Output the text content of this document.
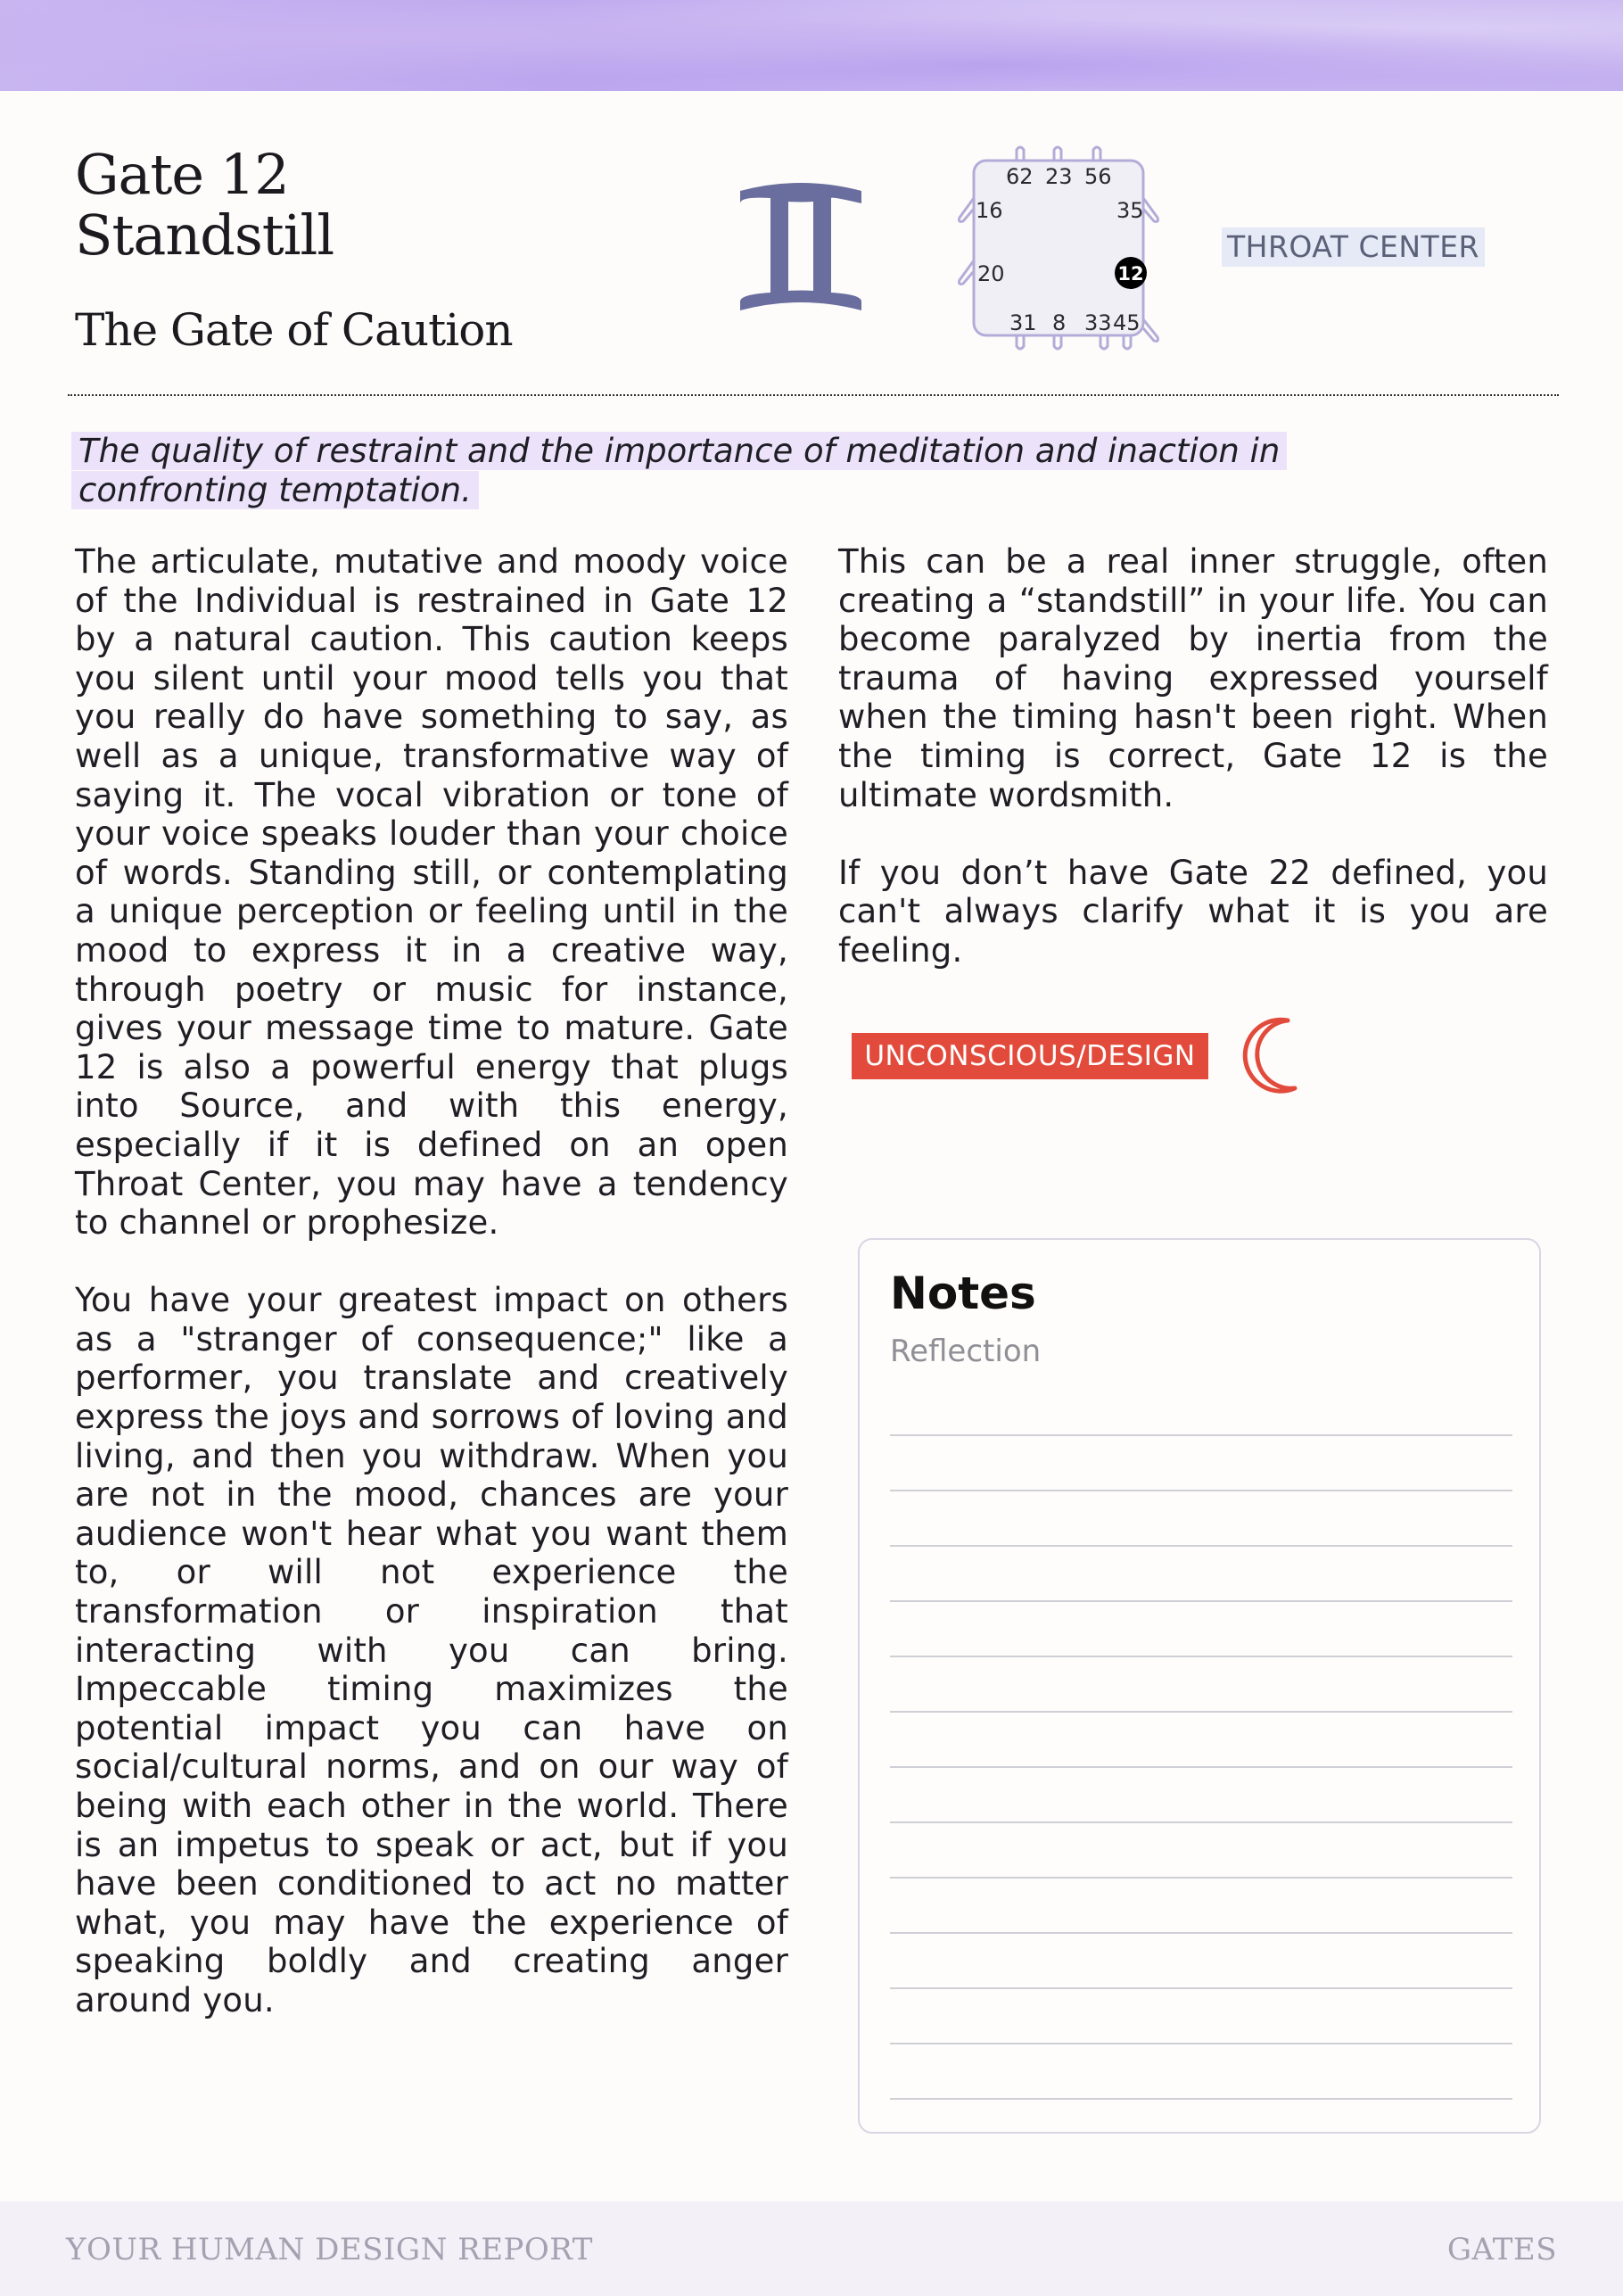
Gate 12
Standstill
The Gate of Caution
62 23 56
16	35
20
31 8 33 45
12
THROAT CENTER

The quality of restraint and the importance of meditation and inaction in confronting temptation.

The articulate, mutative and moody voice of the Individual is restrained in Gate 12 by a natural caution. This caution keeps you silent until your mood tells you that you really do have something to say, as well as a unique, transformative way of saying it. The vocal vibration or tone of your voice speaks louder than your choice of words. Standing still, or contemplating a unique perception or feeling until in the mood to express it in a creative way, through poetry or music for instance, gives your message time to mature. Gate 12 is also a powerful energy that plugs into Source, and with this energy, especially if it is defined on an open Throat Center, you may have a tendency to channel or prophesize.

You have your greatest impact on others as a "stranger of consequence;" like a performer, you translate and creatively express the joys and sorrows of loving and living, and then you withdraw. When you are not in the mood, chances are your audience won't hear what you want them to, or will not experience the transformation or inspiration that interacting with you can bring. Impeccable timing maximizes the potential impact you can have on social/cultural norms, and on our way of being with each other in the world. There is an impetus to speak or act, but if you have been conditioned to act no matter what, you may have the experience of speaking boldly and creating anger around you.

This can be a real inner struggle, often creating a “standstill” in your life. You can become paralyzed by inertia from the trauma of having expressed yourself when the timing hasn't been right. When the timing is correct, Gate 12 is the ultimate wordsmith.

If you don’t have Gate 22 defined, you can't always clarify what it is you are feeling.

UNCONSCIOUS/DESIGN
Notes
Reflection
YOUR HUMAN DESIGN REPORT	GATES
